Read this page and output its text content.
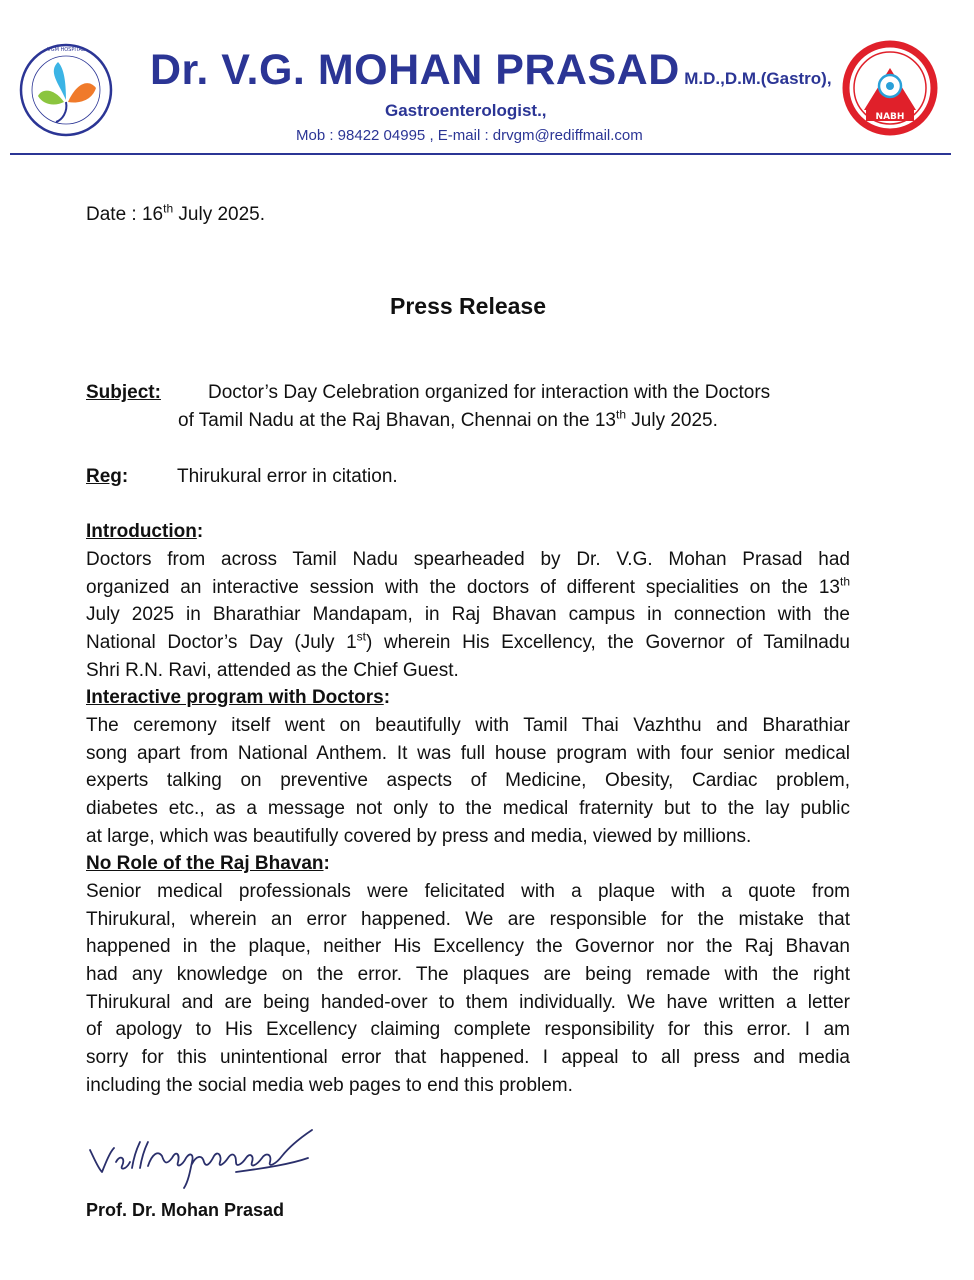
VGM HOSPITAL Dr. V.G. MOHAN PRASAD M.D.,D.M.(Gastro),
Gastroenterologist.,
Mob : 98422 04995 , E-mail : drvgm@rediffmail.com
NABH
Date : 16th July 2025.
Press Release
Subject: Doctor’s Day Celebration organized for interaction with the Doctors
of Tamil Nadu at the Raj Bhavan, Chennai on the 13th July 2025.
Reg:	Thirukural error in citation.
Introduction:
Doctors from across Tamil Nadu spearheaded by Dr. V.G. Mohan Prasad had
organized an interactive session with the doctors of different specialities on the 13th
July 2025 in Bharathiar Mandapam, in Raj Bhavan campus in connection with the
National Doctor’s Day (July 1st) wherein His Excellency, the Governor of Tamilnadu
Shri R.N. Ravi, attended as the Chief Guest.
Interactive program with Doctors:
The ceremony itself went on beautifully with Tamil Thai Vazhthu and Bharathiar
song apart from National Anthem. It was full house program with four senior medical
experts talking on preventive aspects of Medicine, Obesity, Cardiac problem,
diabetes etc., as a message not only to the medical fraternity but to the lay public
at large, which was beautifully covered by press and media, viewed by millions.
No Role of the Raj Bhavan:
Senior medical professionals were felicitated with a plaque with a quote from
Thirukural, wherein an error happened. We are responsible for the mistake that
happened in the plaque, neither His Excellency the Governor nor the Raj Bhavan
had any knowledge on the error. The plaques are being remade with the right
Thirukural and are being handed-over to them individually. We have written a letter
of apology to His Excellency claiming complete responsibility for this error. I am
sorry for this unintentional error that happened. I appeal to all press and media
including the social media web pages to end this problem.
Prof. Dr. Mohan Prasad
